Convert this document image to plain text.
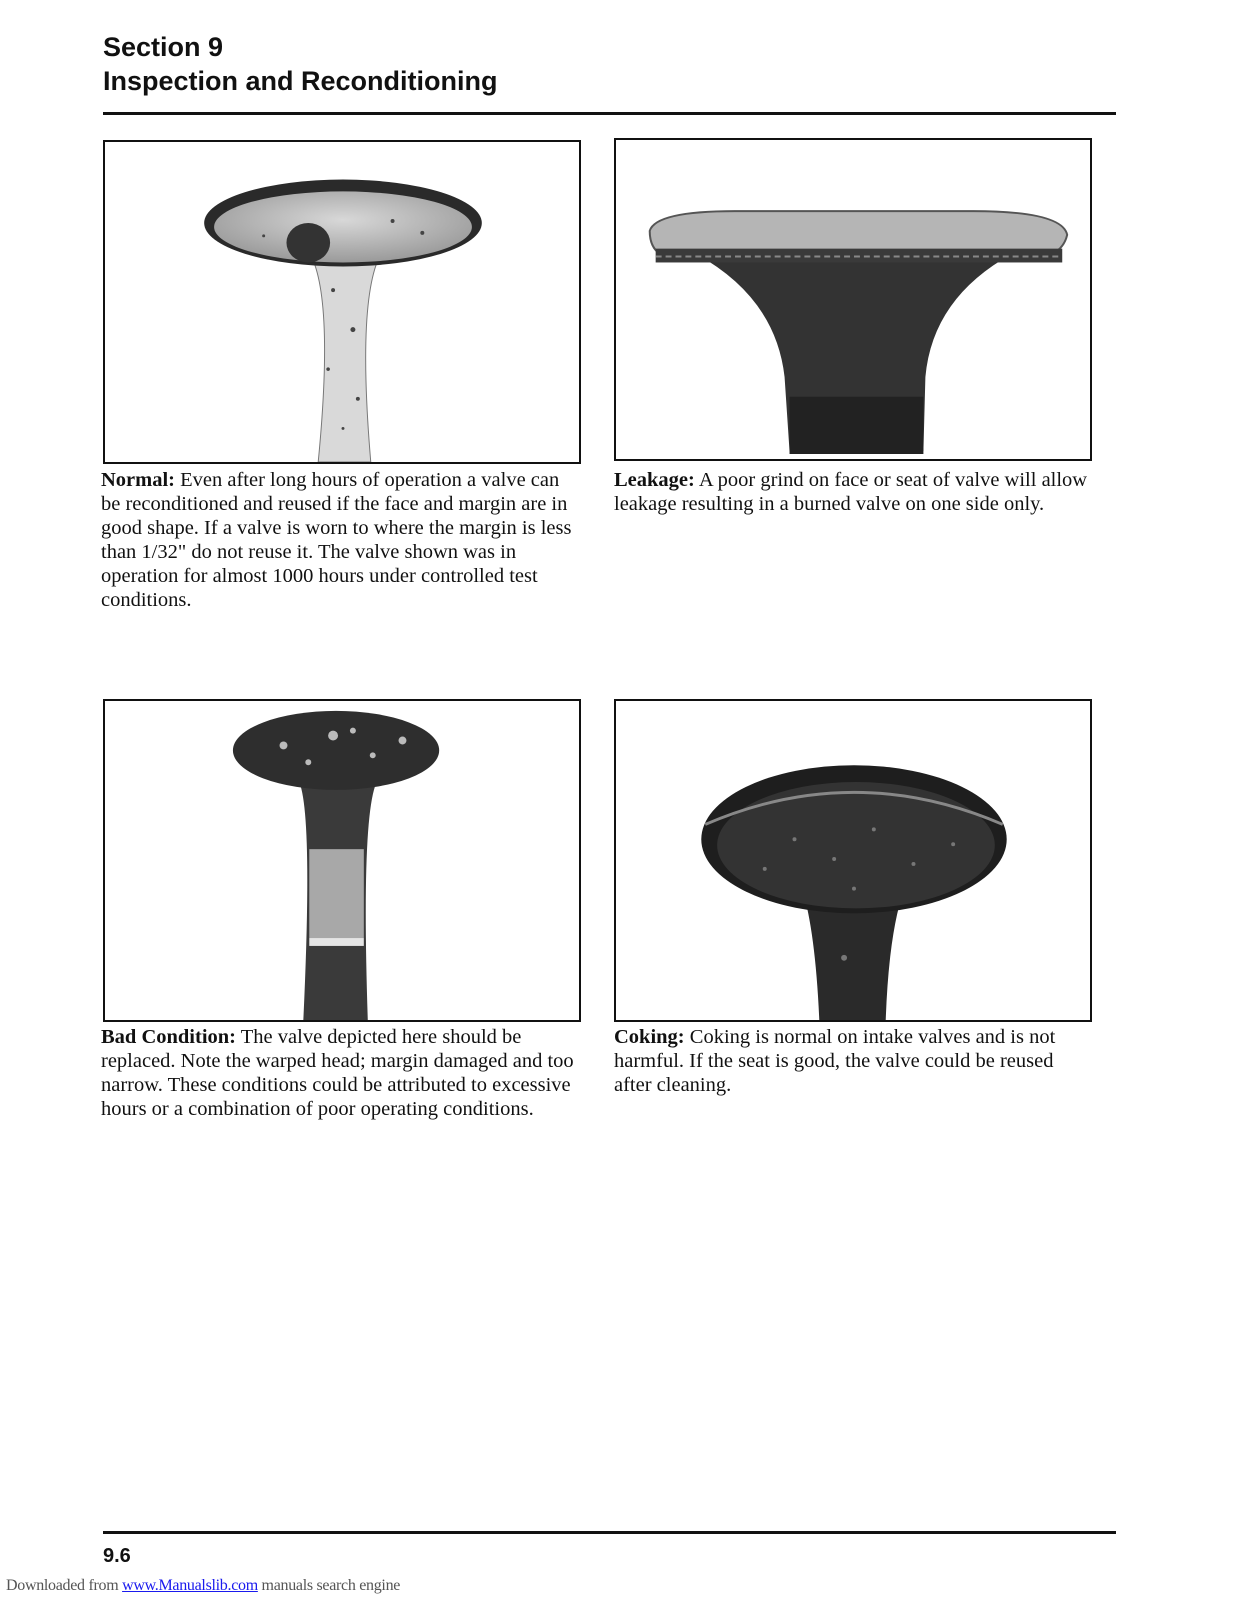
Section 9
Inspection and Reconditioning
Normal: Even after long hours of operation a valve can be reconditioned and reused if the face and margin are in good shape. If a valve is worn to where the margin is less than 1/32" do not reuse it. The valve shown was in operation for almost 1000 hours under controlled test conditions.
Leakage: A poor grind on face or seat of valve will allow leakage resulting in a burned valve on one side only.
Bad Condition: The valve depicted here should be replaced. Note the warped head; margin damaged and too narrow. These conditions could be attributed to excessive hours or a combination of poor operating conditions.
Coking: Coking is normal on intake valves and is not harmful. If the seat is good, the valve could be reused after cleaning.
9.6
Downloaded from www.Manualslib.com manuals search engine
